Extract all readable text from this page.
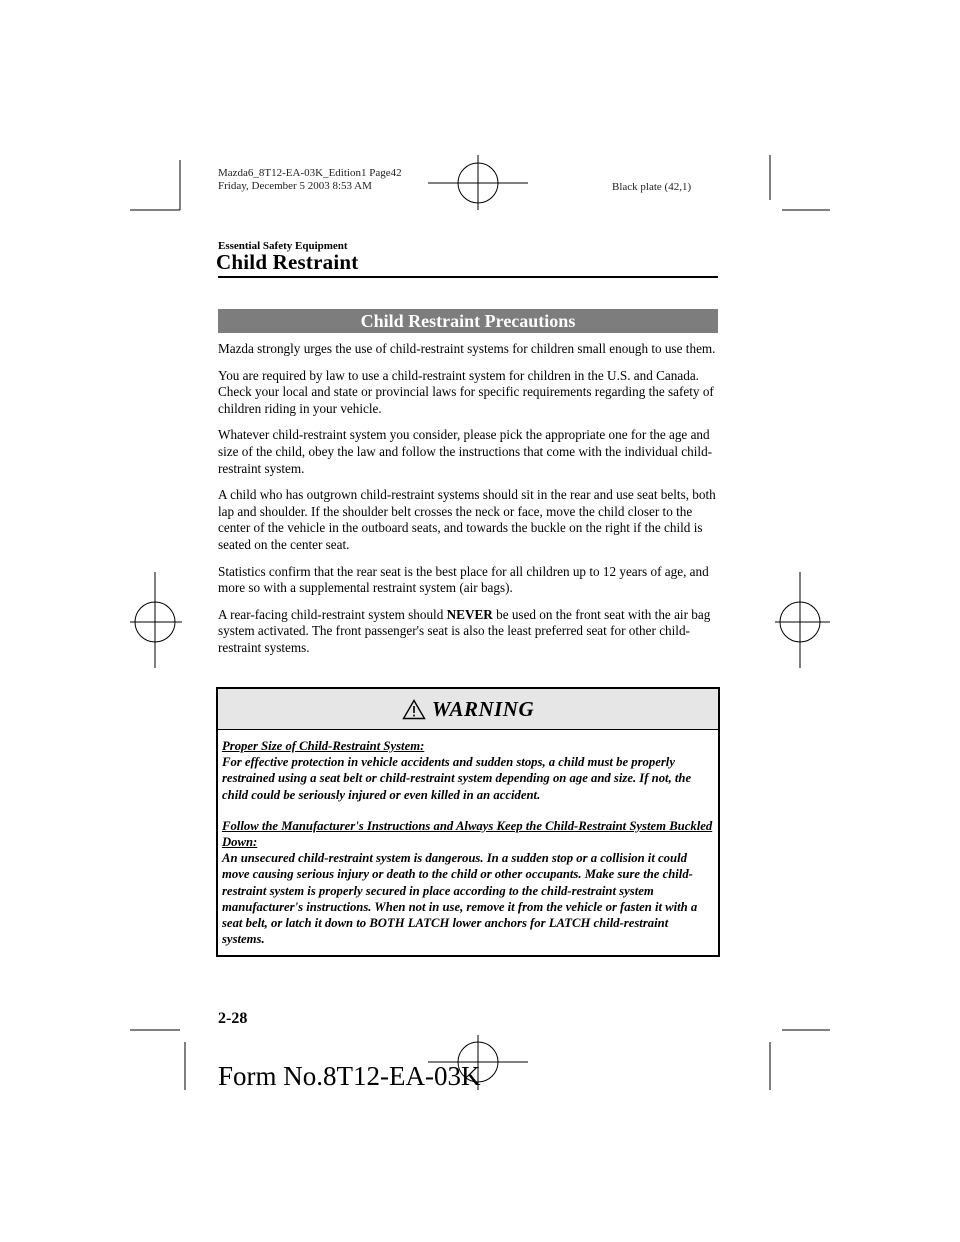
Mazda6_8T12-EA-03K_Edition1 Page42
Friday, December 5 2003 8:53 AM	Black plate (42,1)
Essential Safety Equipment
Child Restraint
Child Restraint Precautions

Mazda strongly urges the use of child-restraint systems for children small enough to use them.

You are required by law to use a child-restraint system for children in the U.S. and Canada. Check your local and state or provincial laws for specific requirements regarding the safety of children riding in your vehicle.

Whatever child-restraint system you consider, please pick the appropriate one for the age and size of the child, obey the law and follow the instructions that come with the individual child-restraint system.

A child who has outgrown child-restraint systems should sit in the rear and use seat belts, both lap and shoulder. If the shoulder belt crosses the neck or face, move the child closer to the center of the vehicle in the outboard seats, and towards the buckle on the right if the child is seated on the center seat.

Statistics confirm that the rear seat is the best place for all children up to 12 years of age, and more so with a supplemental restraint system (air bags).

A rear-facing child-restraint system should NEVER be used on the front seat with the air bag system activated. The front passenger's seat is also the least preferred seat for other child-restraint systems.

WARNING

Proper Size of Child-Restraint System:
For effective protection in vehicle accidents and sudden stops, a child must be properly restrained using a seat belt or child-restraint system depending on age and size. If not, the child could be seriously injured or even killed in an accident.

Follow the Manufacturer's Instructions and Always Keep the Child-Restraint System Buckled Down:
An unsecured child-restraint system is dangerous. In a sudden stop or a collision it could move causing serious injury or death to the child or other occupants. Make sure the child-restraint system is properly secured in place according to the child-restraint system manufacturer's instructions. When not in use, remove it from the vehicle or fasten it with a seat belt, or latch it down to BOTH LATCH lower anchors for LATCH child-restraint systems.

2-28
Form No.8T12-EA-03K
